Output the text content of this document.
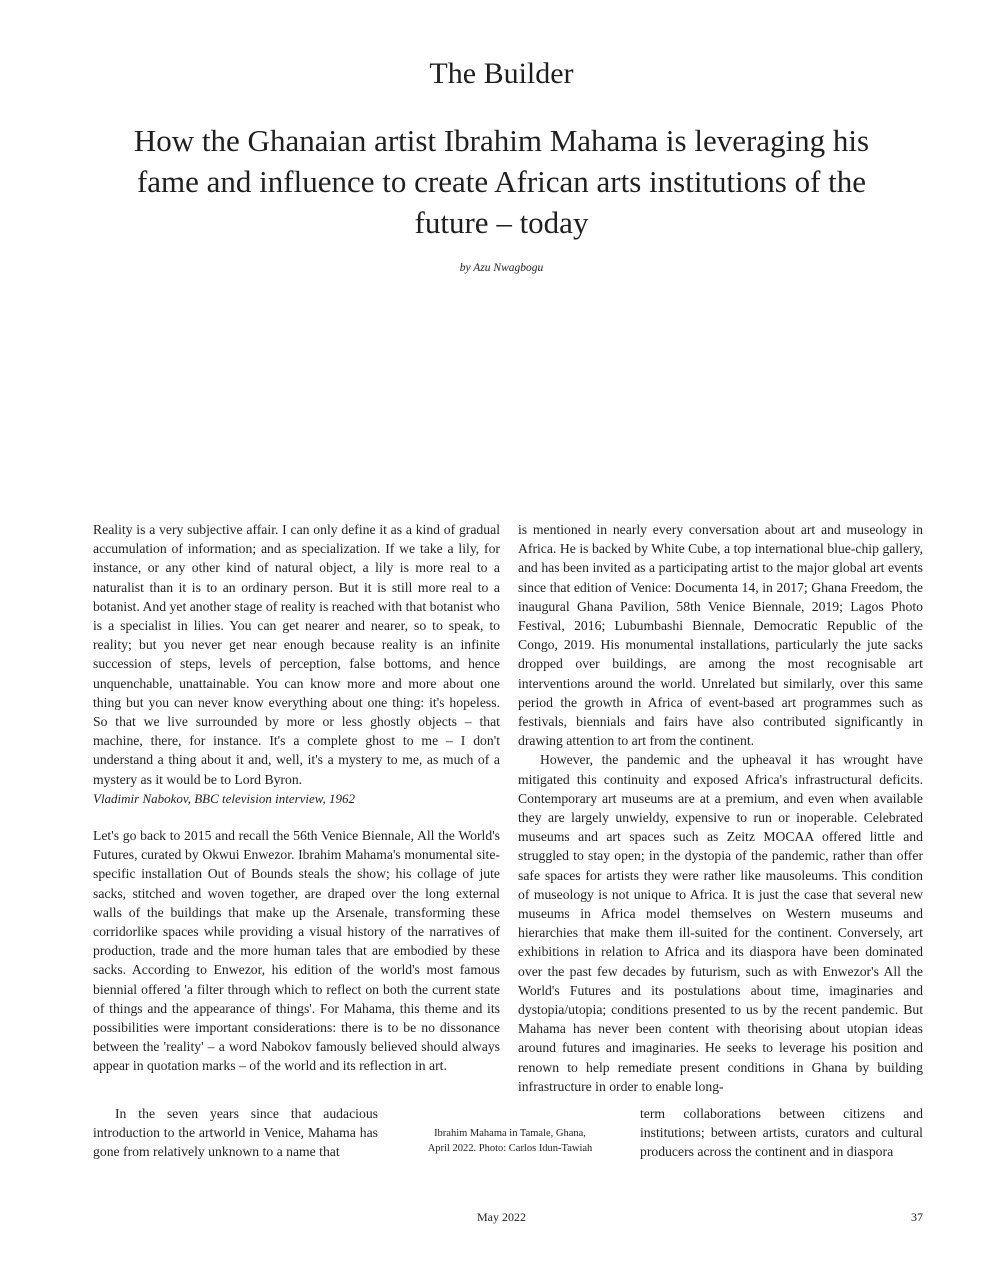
The Builder
How the Ghanaian artist Ibrahim Mahama is leveraging his fame and influence to create African arts institutions of the future – today
by Azu Nwagbogu

Reality is a very subjective affair. I can only define it as a kind of gradual accumulation of information; and as specialization. If we take a lily, for instance, or any other kind of natural object, a lily is more real to a naturalist than it is to an ordinary person. But it is still more real to a botanist. And yet another stage of reality is reached with that botanist who is a specialist in lilies. You can get nearer and nearer, so to speak, to reality; but you never get near enough because reality is an infinite succession of steps, levels of perception, false bottoms, and hence unquenchable, unattainable. You can know more and more about one thing but you can never know everything about one thing: it's hopeless. So that we live surrounded by more or less ghostly objects – that machine, there, for instance. It's a complete ghost to me – I don't understand a thing about it and, well, it's a mystery to me, as much of a mystery as it would be to Lord Byron.

Vladimir Nabokov, BBC television interview, 1962

Let's go back to 2015 and recall the 56th Venice Biennale, All the World's Futures, curated by Okwui Enwezor. Ibrahim Mahama's monumental site-specific installation Out of Bounds steals the show; his collage of jute sacks, stitched and woven together, are draped over the long external walls of the buildings that make up the Arsenale, transforming these corridorlike spaces while providing a visual history of the narratives of production, trade and the more human tales that are embodied by these sacks. According to Enwezor, his edition of the world's most famous biennial offered 'a filter through which to reflect on both the current state of things and the appearance of things'. For Mahama, this theme and its possibilities were important considerations: there is to be no dissonance between the 'reality' – a word Nabokov famously believed should always appear in quotation marks – of the world and its reflection in art.

In the seven years since that audacious introduction to the artworld in Venice, Mahama has gone from relatively unknown to a name that

is mentioned in nearly every conversation about art and museology in Africa. He is backed by White Cube, a top international blue-chip gallery, and has been invited as a participating artist to the major global art events since that edition of Venice: Documenta 14, in 2017; Ghana Freedom, the inaugural Ghana Pavilion, 58th Venice Biennale, 2019; Lagos Photo Festival, 2016; Lubumbashi Biennale, Democratic Republic of the Congo, 2019. His monumental installations, particularly the jute sacks dropped over buildings, are among the most recognisable art interventions around the world. Unrelated but similarly, over this same period the growth in Africa of event-based art programmes such as festivals, biennials and fairs have also contributed significantly in drawing attention to art from the continent.

However, the pandemic and the upheaval it has wrought have mitigated this continuity and exposed Africa's infrastructural deficits. Contemporary art museums are at a premium, and even when available they are largely unwieldy, expensive to run or inoperable. Celebrated museums and art spaces such as Zeitz MOCAA offered little and struggled to stay open; in the dystopia of the pandemic, rather than offer safe spaces for artists they were rather like mausoleums. This condition of museology is not unique to Africa. It is just the case that several new museums in Africa model themselves on Western museums and hierarchies that make them ill-suited for the continent. Conversely, art exhibitions in relation to Africa and its diaspora have been dominated over the past few decades by futurism, such as with Enwezor's All the World's Futures and its postulations about time, imaginaries and dystopia/utopia; conditions presented to us by the recent pandemic. But Mahama has never been content with theorising about utopian ideas around futures and imaginaries. He seeks to leverage his position and renown to help remediate present conditions in Ghana by building infrastructure in order to enable long-

Ibrahim Mahama in Tamale, Ghana,
April 2022. Photo: Carlos Idun-Tawiah

term collaborations between citizens and institutions; between artists, curators and cultural producers across the continent and in diaspora

May 2022	37
